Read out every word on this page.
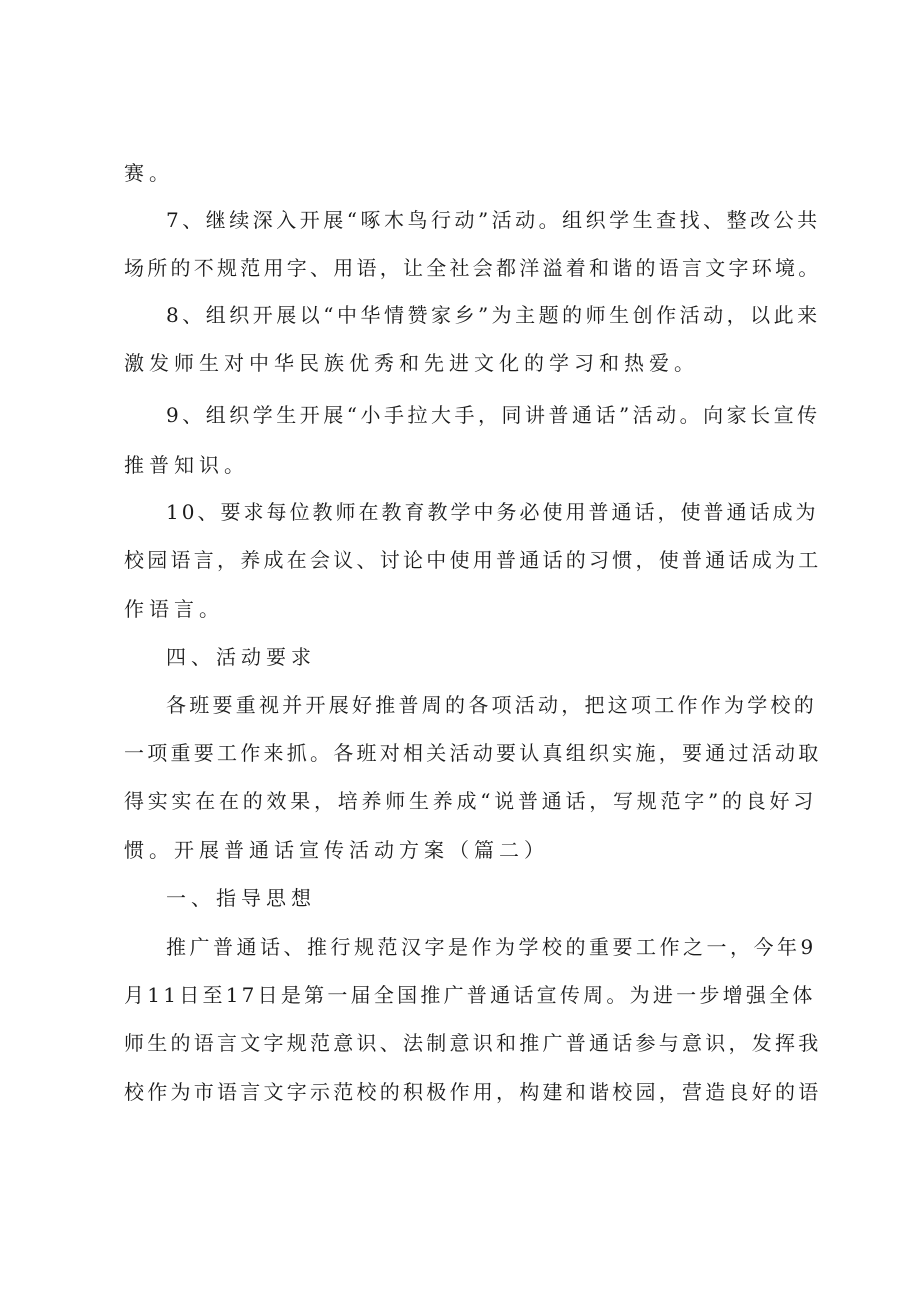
赛。
7、继续深入开展“啄木鸟行动”活动。组织学生查找、整改公共
场所的不规范用字、用语，让全社会都洋溢着和谐的语言文字环境。
8、组织开展以“中华情赞家乡”为主题的师生创作活动，以此来
激发师生对中华民族优秀和先进文化的学习和热爱。
9、组织学生开展“小手拉大手，同讲普通话”活动。向家长宣传
推普知识。
10、要求每位教师在教育教学中务必使用普通话，使普通话成为
校园语言，养成在会议、讨论中使用普通话的习惯，使普通话成为工
作语言。
四、活动要求
各班要重视并开展好推普周的各项活动，把这项工作作为学校的
一项重要工作来抓。各班对相关活动要认真组织实施，要通过活动取
得实实在在的效果，培养师生养成“说普通话，写规范字”的良好习
惯。开展普通话宣传活动方案（篇二）
一、指导思想
推广普通话、推行规范汉字是作为学校的重要工作之一，今年9
月11日至17日是第一届全国推广普通话宣传周。为进一步增强全体
师生的语言文字规范意识、法制意识和推广普通话参与意识，发挥我
校作为市语言文字示范校的积极作用，构建和谐校园，营造良好的语
